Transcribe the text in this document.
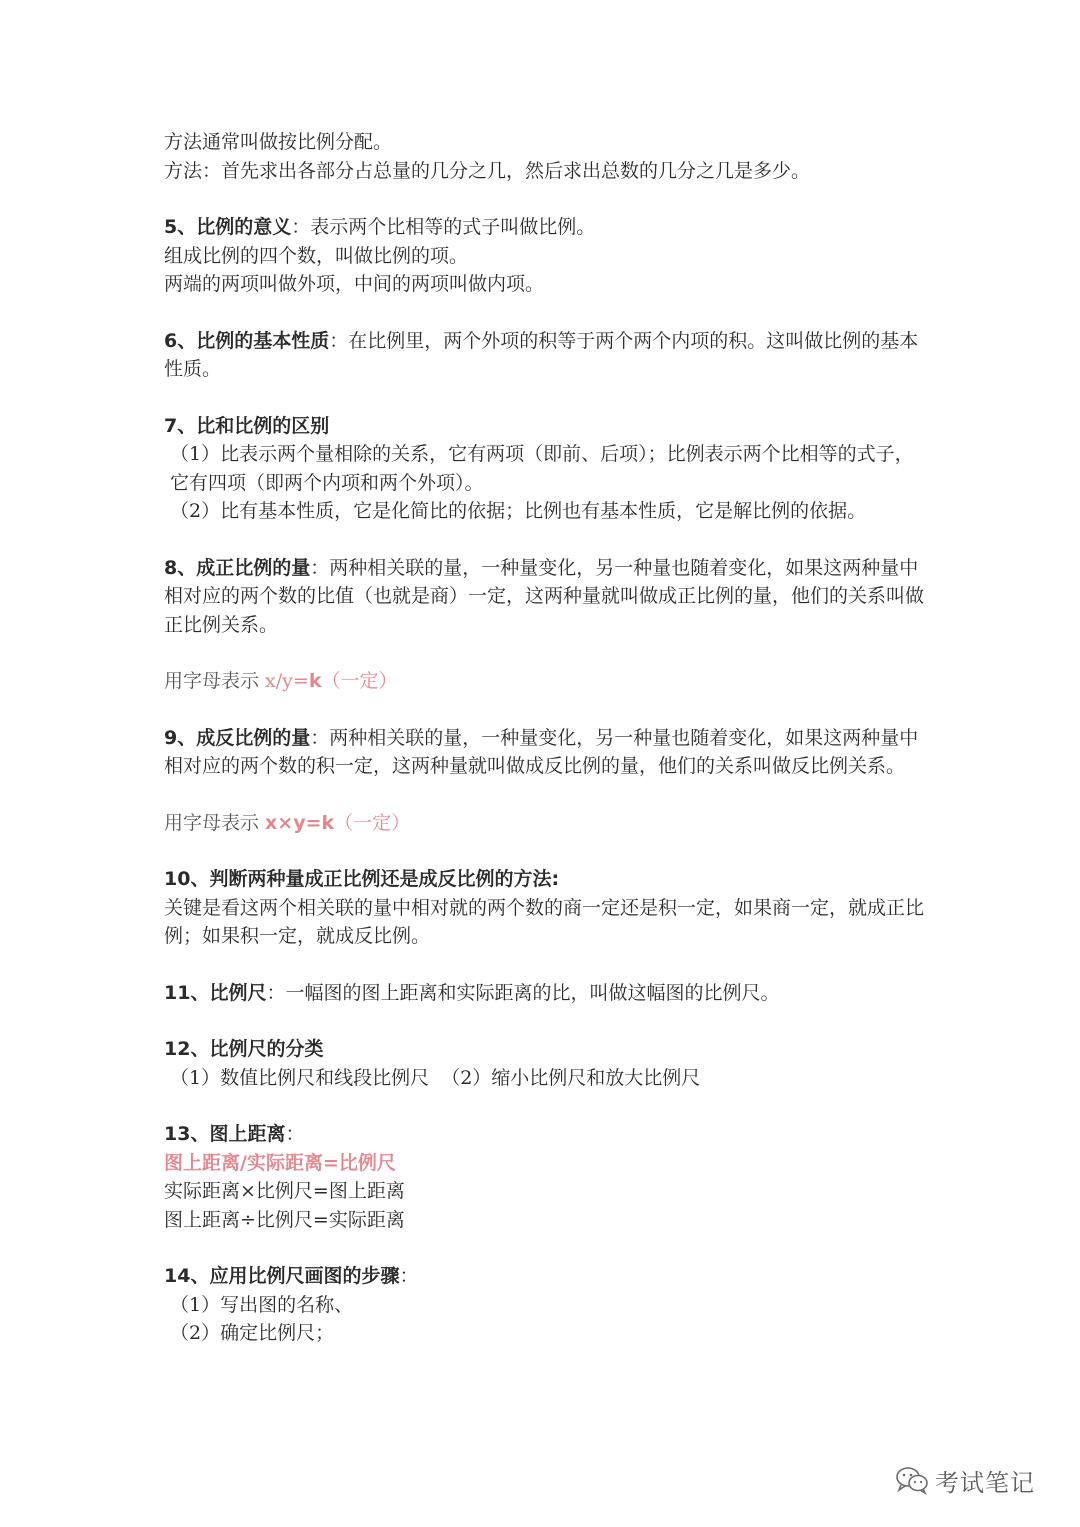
方法通常叫做按比例分配。
方法：首先求出各部分占总量的几分之几，然后求出总数的几分之几是多少。
5、比例的意义：表示两个比相等的式子叫做比例。
组成比例的四个数，叫做比例的项。
两端的两项叫做外项，中间的两项叫做内项。
6、比例的基本性质：在比例里，两个外项的积等于两个两个内项的积。这叫做比例的基本性质。
7、比和比例的区别
（1）比表示两个量相除的关系，它有两项（即前、后项）；比例表示两个比相等的式子，它有四项（即两个内项和两个外项）。
（2）比有基本性质，它是化简比的依据；比例也有基本性质，它是解比例的依据。
8、成正比例的量：两种相关联的量，一种量变化，另一种量也随着变化，如果这两种量中相对应的两个数的比值（也就是商）一定，这两种量就叫做成正比例的量，他们的关系叫做正比例关系。
用字母表示 x/y=k（一定）
9、成反比例的量：两种相关联的量，一种量变化，另一种量也随着变化，如果这两种量中相对应的两个数的积一定，这两种量就叫做成反比例的量，他们的关系叫做反比例关系。
用字母表示 x×y=k（一定）
10、判断两种量成正比例还是成反比例的方法:
关键是看这两个相关联的量中相对就的两个数的商一定还是积一定，如果商一定，就成正比例；如果积一定，就成反比例。
11、比例尺：一幅图的图上距离和实际距离的比，叫做这幅图的比例尺。
12、比例尺的分类
（1）数值比例尺和线段比例尺 （2）缩小比例尺和放大比例尺
13、图上距离：
图上距离/实际距离=比例尺
实际距离×比例尺=图上距离
图上距离÷比例尺=实际距离
14、应用比例尺画图的步骤：
（1）写出图的名称、
（2）确定比例尺；
考试笔记
